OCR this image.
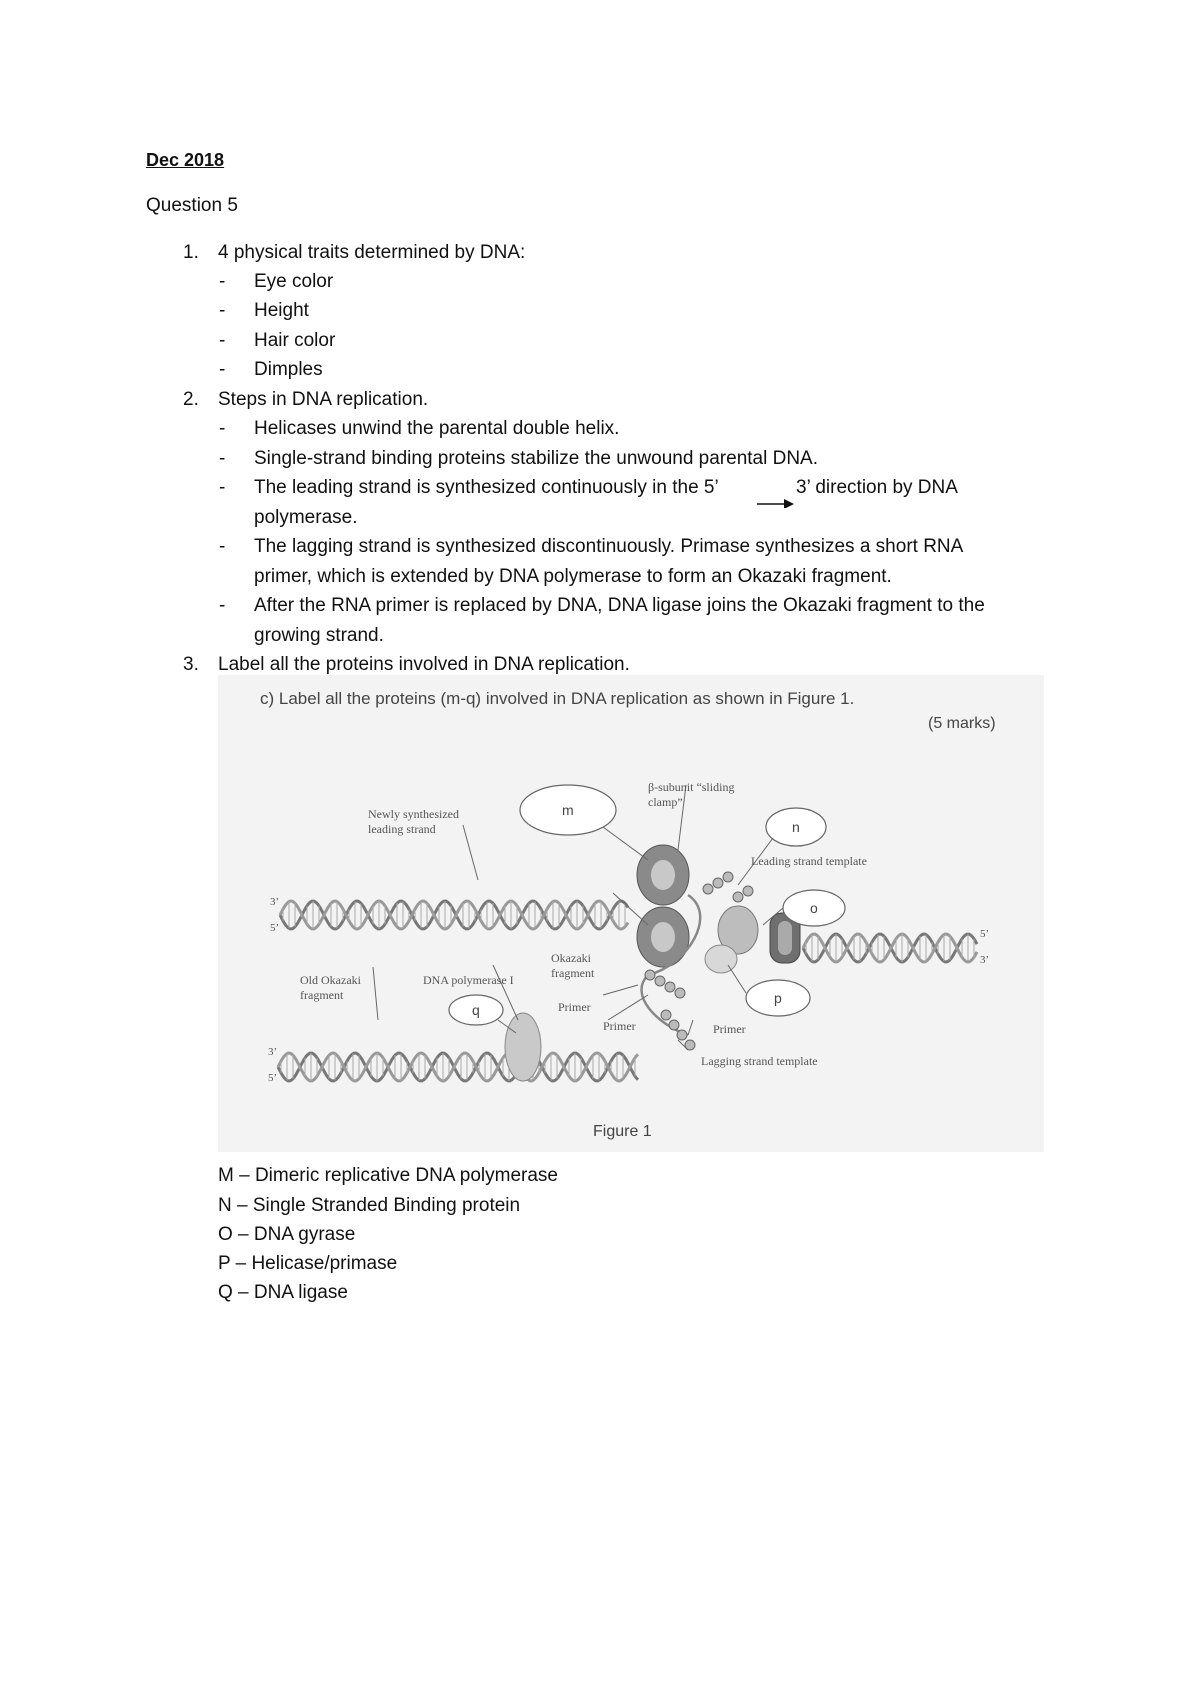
Dec 2018
Question 5
1. 4 physical traits determined by DNA:
- Eye color
- Height
- Hair color
- Dimples
2. Steps in DNA replication.
- Helicases unwind the parental double helix.
- Single-strand binding proteins stabilize the unwound parental DNA.
- The leading strand is synthesized continuously in the 5’	3’ direction by DNA
polymerase.
- The lagging strand is synthesized discontinuously. Primase synthesizes a short RNA
primer, which is extended by DNA polymerase to form an Okazaki fragment.
- After the RNA primer is replaced by DNA, DNA ligase joins the Okazaki fragment to the
growing strand.
3. Label all the proteins involved in DNA replication.
c) Label all the proteins (m-q) involved in DNA replication as shown in Figure 1.
(5 marks)
3’
5’	5’
3’
3’
5’
m
n
o
p
q
Newly synthesized
leading strand
β-subunit “sliding
clamp”
Leading strand template
Okazaki
fragment
Old Okazaki
fragment
DNA polymerase I
Primer
Primer	Primer
Lagging strand template
Figure 1
M – Dimeric replicative DNA polymerase
N – Single Stranded Binding protein
O – DNA gyrase
P – Helicase/primase
Q – DNA ligase
